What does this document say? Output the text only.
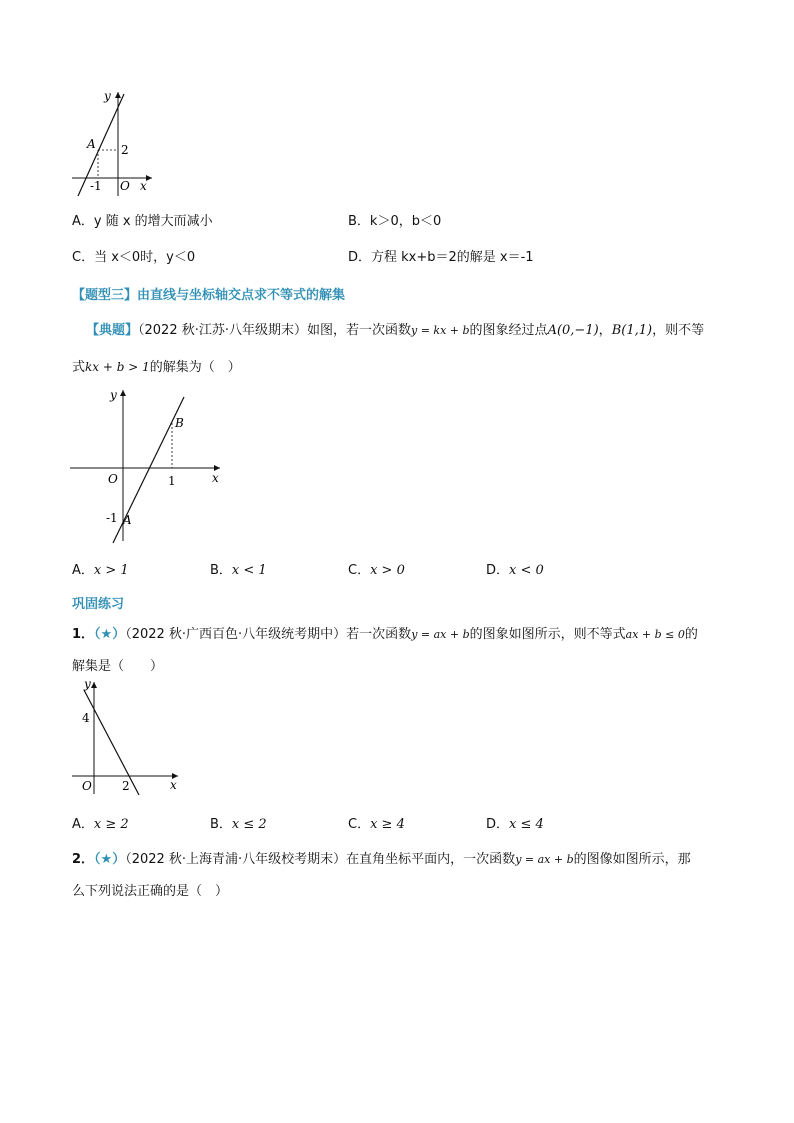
y
x
O
A 2
-1
A．y 随 x 的增大而减小	B．k＞0，b＜0
C．当 x＜0时，y＜0	D．方程 kx+b＝2的解是 x＝-1
【题型三】由直线与坐标轴交点求不等式的解集
【典题】（2022 秋·江苏·八年级期末）如图，若一次函数y = kx + b的图象经过点A(0,−1)，B(1,1)，则不等
式kx + b > 1的解集为（　）
y
x
O
B
1
-1 A
A．x > 1	B．x < 1	C．x > 0	D．x < 0
巩固练习
1．（★）（2022 秋·广西百色·八年级统考期中）若一次函数y = ax + b的图象如图所示，则不等式ax + b ≤ 0的
解集是（　　）
y
x
O
4
2
A．x ≥ 2	B．x ≤ 2	C．x ≥ 4	D．x ≤ 4
2．（★）（2022 秋·上海青浦·八年级校考期末）在直角坐标平面内，一次函数y = ax + b的图像如图所示，那
么下列说法正确的是（　）
